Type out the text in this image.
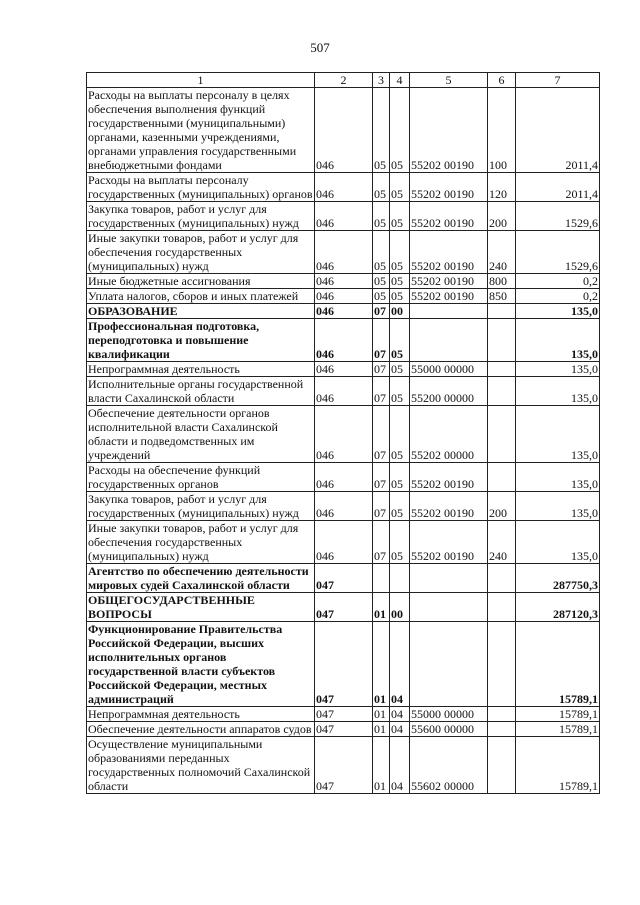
507
1	2	3	4	5	6	7
Расходы на выплаты персоналу в целях обеспечения выполнения функций государственными (муниципальными) органами, казенными учреждениями, органами управления государственными внебюджетными фондами	046	05	05	55202 00190	100	2011,4
Расходы на выплаты персоналу государственных (муниципальных) органов	046	05	05	55202 00190	120	2011,4
Закупка товаров, работ и услуг для государственных (муниципальных) нужд	046	05	05	55202 00190	200	1529,6
Иные закупки товаров, работ и услуг для обеспечения государственных (муниципальных) нужд	046	05	05	55202 00190	240	1529,6
Иные бюджетные ассигнования	046	05	05	55202 00190	800	0,2
Уплата налогов, сборов и иных платежей	046	05	05	55202 00190	850	0,2
ОБРАЗОВАНИЕ	046	07	00			135,0
Профессиональная подготовка, переподготовка и повышение квалификации	046	07	05			135,0
Непрограммная деятельность	046	07	05	55000 00000		135,0
Исполнительные органы государственной власти Сахалинской области	046	07	05	55200 00000		135,0
Обеспечение деятельности органов исполнительной власти Сахалинской области и подведомственных им учреждений	046	07	05	55202 00000		135,0
Расходы на обеспечение функций государственных органов	046	07	05	55202 00190		135,0
Закупка товаров, работ и услуг для государственных (муниципальных) нужд	046	07	05	55202 00190	200	135,0
Иные закупки товаров, работ и услуг для обеспечения государственных (муниципальных) нужд	046	07	05	55202 00190	240	135,0
Агентство по обеспечению деятельности мировых судей Сахалинской области	047					287750,3
ОБЩЕГОСУДАРСТВЕННЫЕ ВОПРОСЫ	047	01	00			287120,3
Функционирование Правительства Российской Федерации, высших исполнительных органов государственной власти субъектов Российской Федерации, местных администраций	047	01	04			15789,1
Непрограммная деятельность	047	01	04	55000 00000		15789,1
Обеспечение деятельности аппаратов судов	047	01	04	55600 00000		15789,1
Осуществление муниципальными образованиями переданных государственных полномочий Сахалинской области	047	01	04	55602 00000		15789,1
